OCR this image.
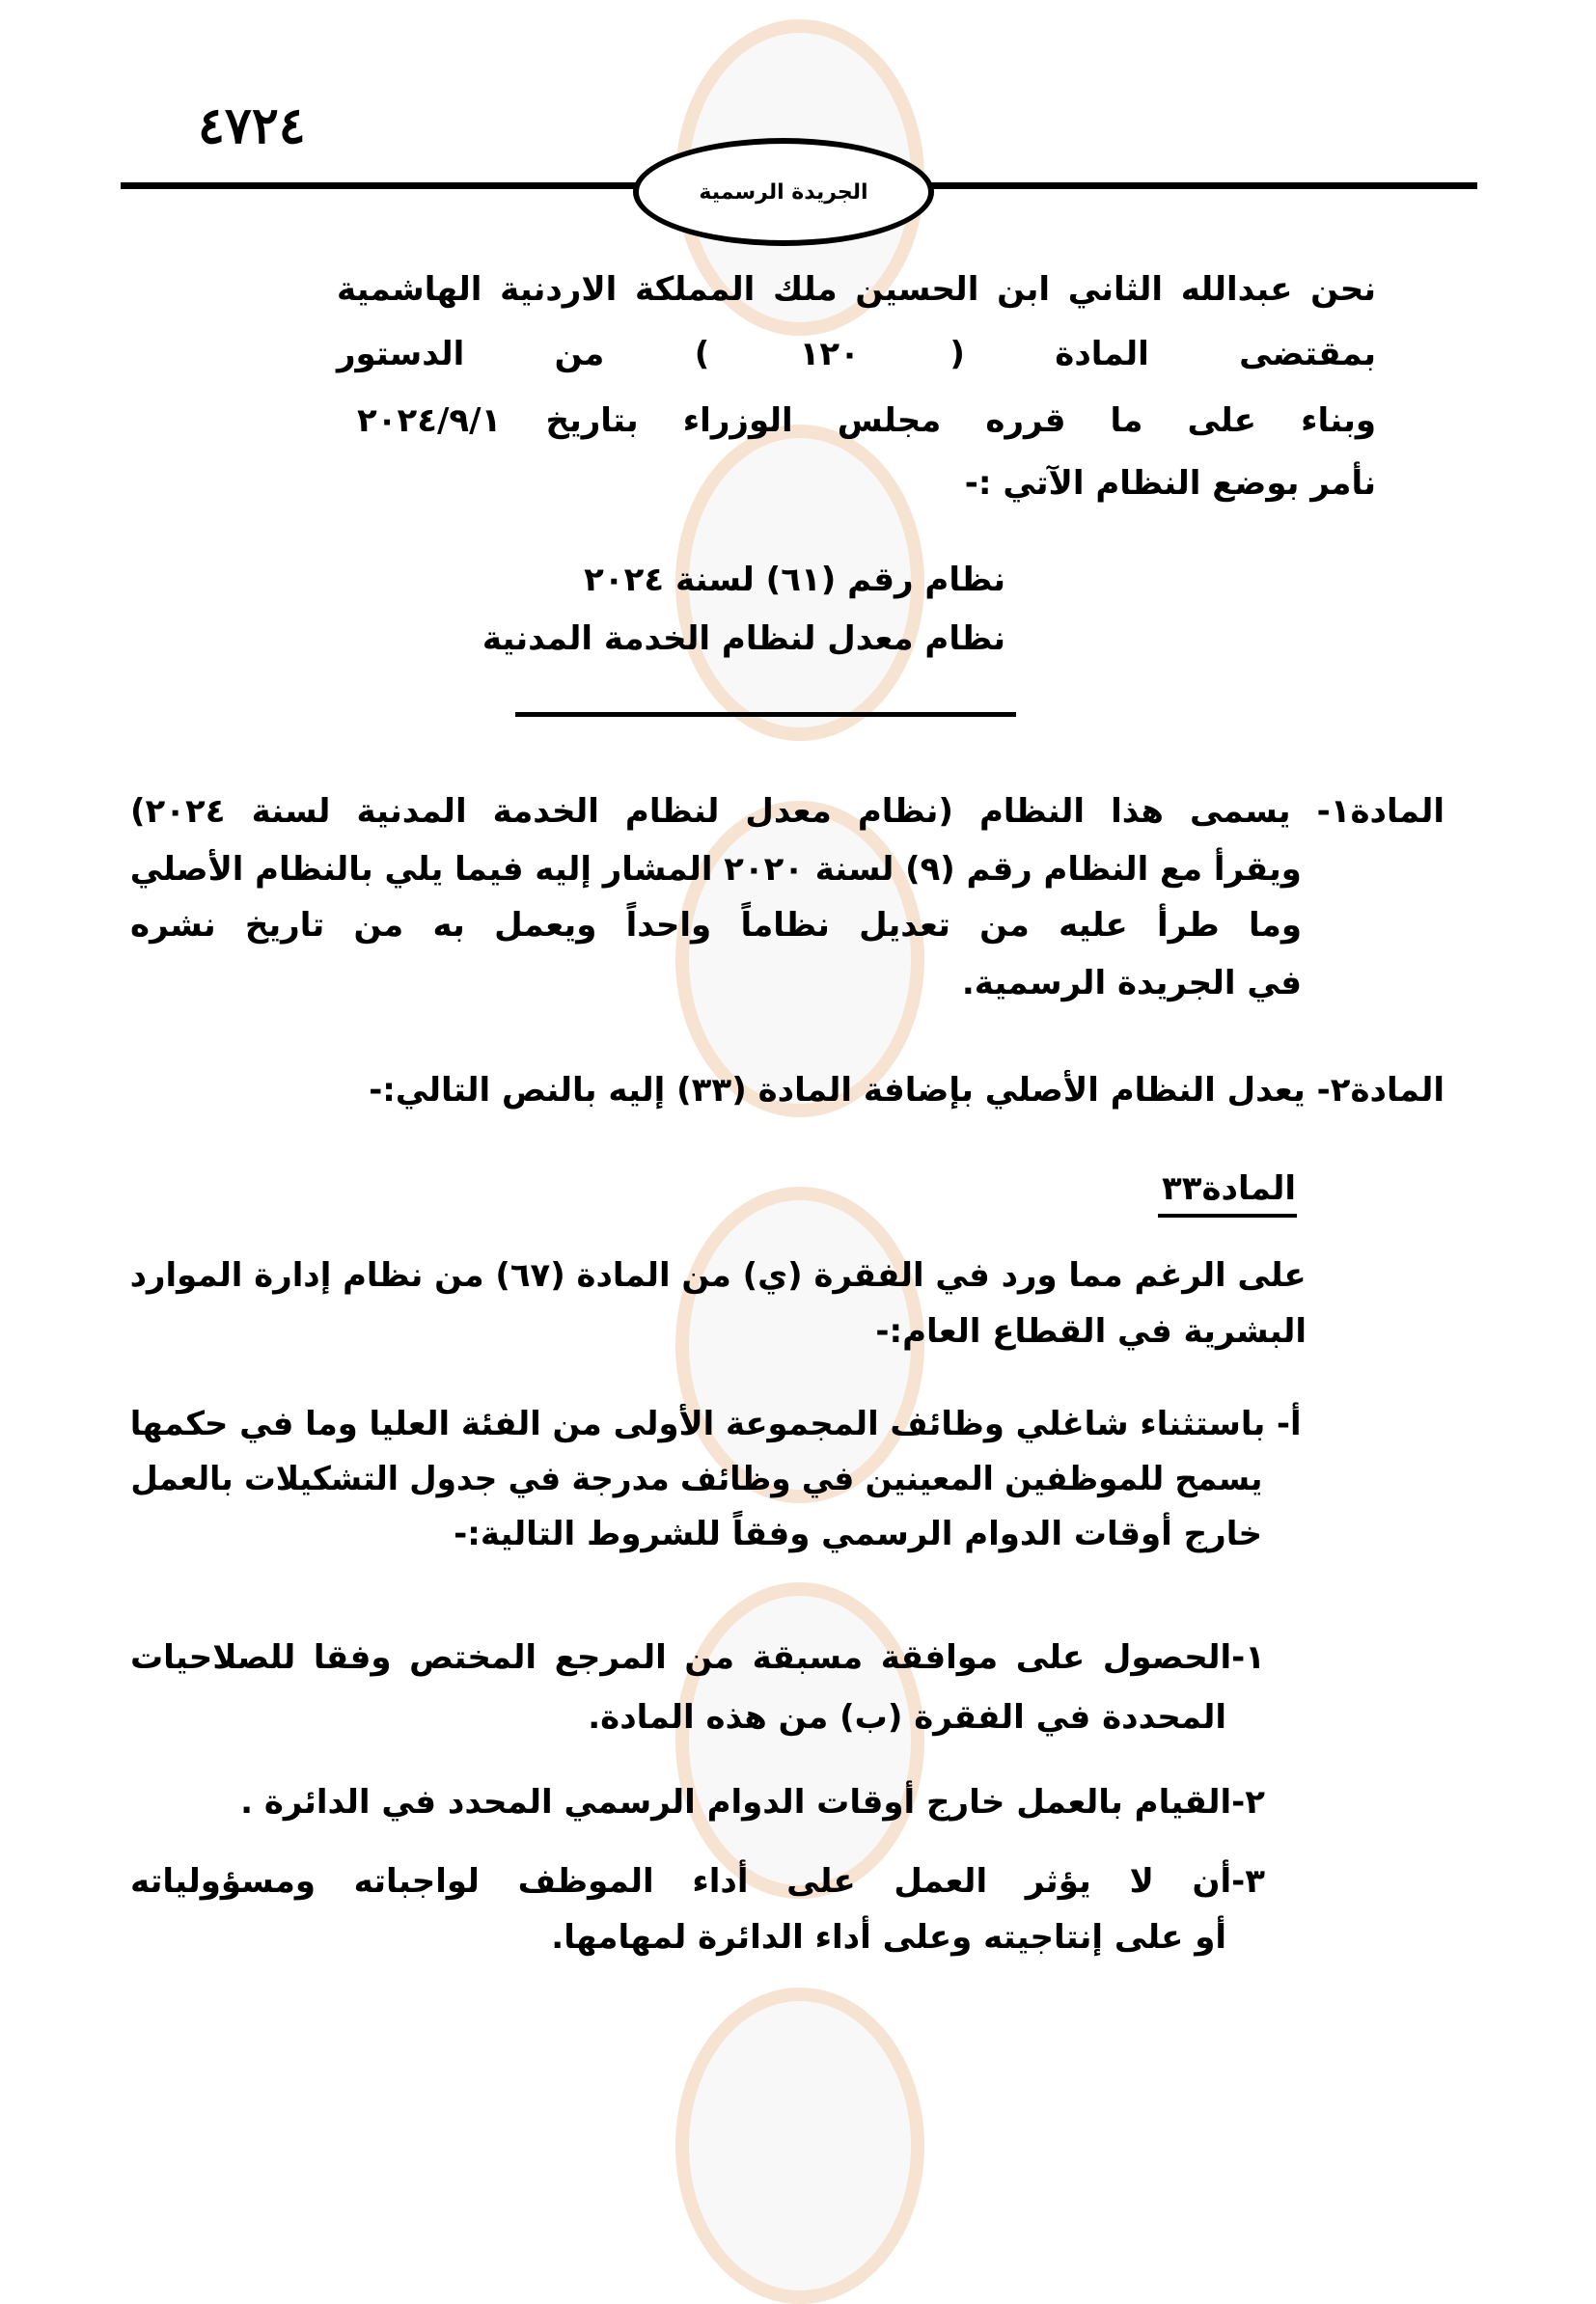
٤٧٢٤
الجريدة الرسمية
نحن عبدالله الثاني ابن الحسين ملك المملكة الاردنية الهاشمية
بمقتضى المادة ( ١٢٠ ) من الدستور
وبناء على ما قرره مجلس الوزراء بتاريخ ٢٠٢٤/٩/١
نأمر بوضع النظام الآتي :-
نظام رقم (٦١) لسنة ٢٠٢٤
نظام معدل لنظام الخدمة المدنية
المادة١- يسمى هذا النظام (نظام معدل لنظام الخدمة المدنية لسنة ٢٠٢٤)
ويقرأ مع النظام رقم (٩) لسنة ٢٠٢٠ المشار إليه فيما يلي بالنظام الأصلي
وما طرأ عليه من تعديل نظاماً واحداً ويعمل به من تاريخ نشره
في الجريدة الرسمية.
المادة٢- يعدل النظام الأصلي بإضافة المادة (٣٣) إليه بالنص التالي:-
المادة٣٣
على الرغم مما ورد في الفقرة (ي) من المادة (٦٧) من نظام إدارة الموارد
البشرية في القطاع العام:-
أ- باستثناء شاغلي وظائف المجموعة الأولى من الفئة العليا وما في حكمها
يسمح للموظفين المعينين في وظائف مدرجة في جدول التشكيلات بالعمل
خارج أوقات الدوام الرسمي وفقاً للشروط التالية:-
١-الحصول على موافقة مسبقة من المرجع المختص وفقا للصلاحيات
المحددة في الفقرة (ب) من هذه المادة.
٢-القيام بالعمل خارج أوقات الدوام الرسمي المحدد في الدائرة .
٣-أن لا يؤثر العمل على أداء الموظف لواجباته ومسؤولياته
أو على إنتاجيته وعلى أداء الدائرة لمهامها.
